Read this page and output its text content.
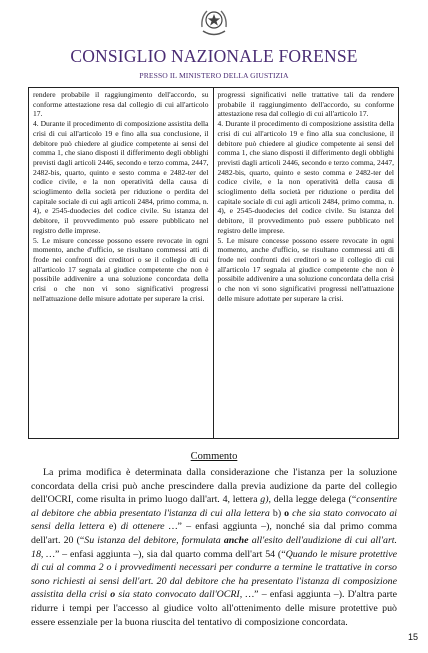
CONSIGLIO NAZIONALE FORENSE
PRESSO IL MINISTERO DELLA GIUSTIZIA

rendere probabile il raggiungimento dell'accordo, su conforme attestazione resa dal collegio di cui all'articolo 17.

4. Durante il procedimento di composizione assistita della crisi di cui all'articolo 19 e fino alla sua conclusione, il debitore può chiedere al giudice competente ai sensi del comma 1, che siano disposti il differimento degli obblighi previsti dagli articoli 2446, secondo e terzo comma, 2447, 2482-bis, quarto, quinto e sesto comma e 2482-ter del codice civile, e la non operatività della causa di scioglimento della società per riduzione o perdita del capitale sociale di cui agli articoli 2484, primo comma, n. 4), e 2545-duodecies del codice civile. Su istanza del debitore, il provvedimento può essere pubblicato nel registro delle imprese.

5. Le misure concesse possono essere revocate in ogni momento, anche d'ufficio, se risultano commessi atti di frode nei confronti dei creditori o se il collegio di cui all'articolo 17 segnala al giudice competente che non è possibile addivenire a una soluzione concordata della crisi o che non vi sono significativi progressi nell'attuazione delle misure adottate per superare la crisi.

progressi significativi nelle trattative tali da rendere probabile il raggiungimento dell'accordo, su conforme attestazione resa dal collegio di cui all'articolo 17.

4. Durante il procedimento di composizione assistita della crisi di cui all'articolo 19 e fino alla sua conclusione, il debitore può chiedere al giudice competente ai sensi del comma 1, che siano disposti il differimento degli obblighi previsti dagli articoli 2446, secondo e terzo comma, 2447, 2482-bis, quarto, quinto e sesto comma e 2482-ter del codice civile, e la non operatività della causa di scioglimento della società per riduzione o perdita del capitale sociale di cui agli articoli 2484, primo comma, n. 4), e 2545-duodecies del codice civile. Su istanza del debitore, il provvedimento può essere pubblicato nel registro delle imprese.

5. Le misure concesse possono essere revocate in ogni momento, anche d'ufficio, se risultano commessi atti di frode nei confronti dei creditori o se il collegio di cui all'articolo 17 segnala al giudice competente che non è possibile addivenire a una soluzione concordata della crisi o che non vi sono significativi progressi nell'attuazione delle misure adottate per superare la crisi.

Commento

La prima modifica è determinata dalla considerazione che l'istanza per la soluzione concordata della crisi può anche prescindere dalla previa audizione da parte del collegio dell'OCRI, come risulta in primo luogo dall'art. 4, lettera g), della legge delega (“consentire al debitore che abbia presentato l'istanza di cui alla lettera b) o che sia stato convocato ai sensi della lettera e) di ottenere …” – enfasi aggiunta –), nonché sia dal primo comma dell'art. 20 (“Su istanza del debitore, formulata anche all'esito dell'audizione di cui all'art. 18, …” – enfasi aggiunta –), sia dal quarto comma dell'art 54 (“Quando le misure protettive di cui al comma 2 o i provvedimenti necessari per condurre a termine le trattative in corso sono richiesti ai sensi dell'art. 20 dal debitore che ha presentato l'istanza di composizione assistita della crisi o sia stato convocato dall'OCRI, …” – enfasi aggiunta –). D'altra parte ridurre i tempi per l'accesso al giudice volto all'ottenimento delle misure protettive può essere essenziale per la buona riuscita del tentativo di composizione concordata.

15
